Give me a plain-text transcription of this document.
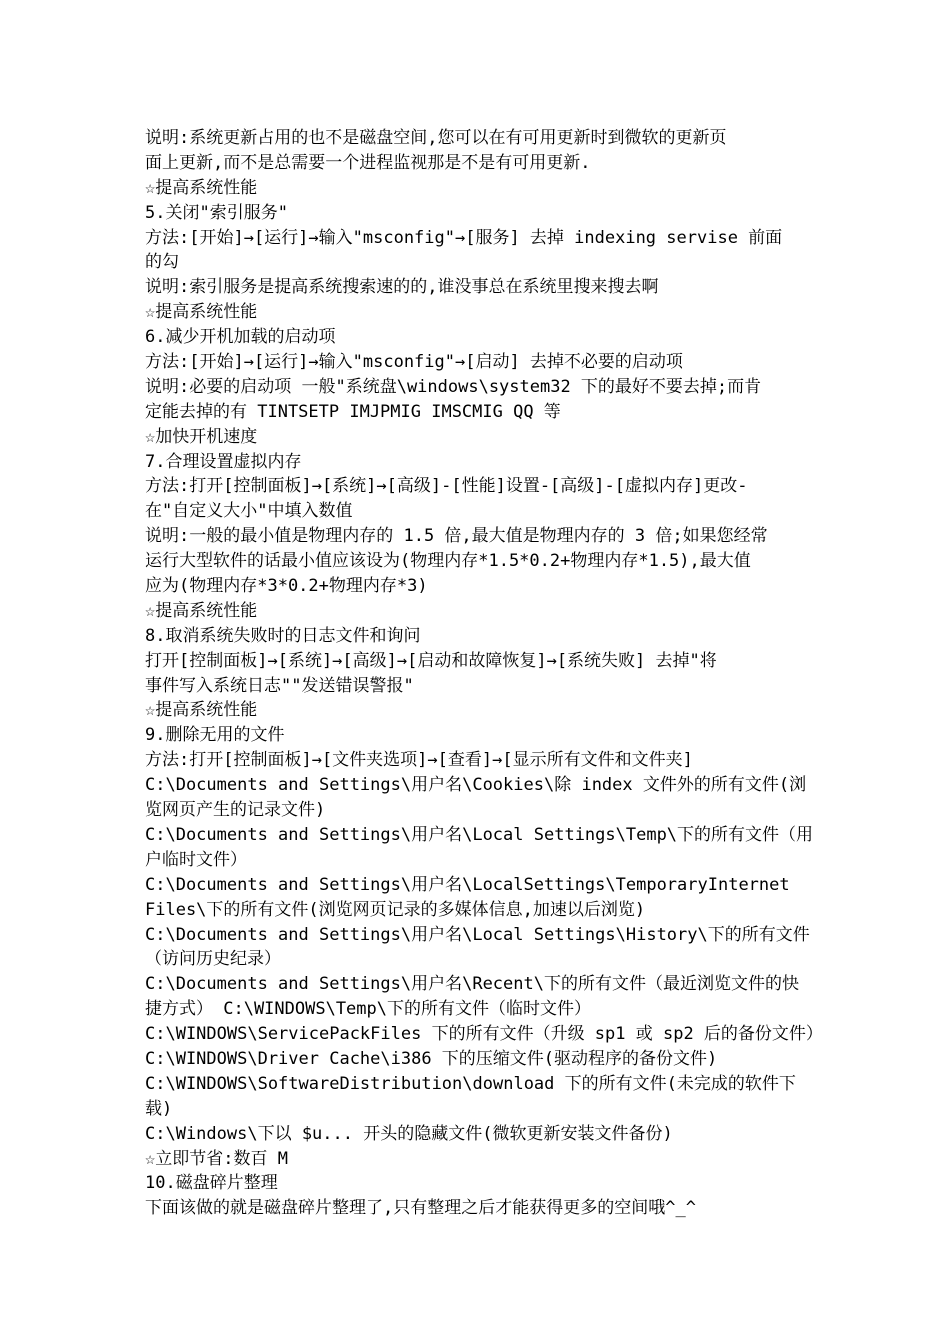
说明:系统更新占用的也不是磁盘空间,您可以在有可用更新时到微软的更新页
面上更新,而不是总需要一个进程监视那是不是有可用更新.
☆提高系统性能
5.关闭"索引服务"
方法:[开始]→[运行]→输入"msconfig"→[服务] 去掉 indexing servise 前面
的勾
说明:索引服务是提高系统搜索速的的,谁没事总在系统里搜来搜去啊
☆提高系统性能
6.减少开机加载的启动项
方法:[开始]→[运行]→输入"msconfig"→[启动] 去掉不必要的启动项
说明:必要的启动项 一般"系统盘\windows\system32 下的最好不要去掉;而肯
定能去掉的有 TINTSETP IMJPMIG IMSCMIG QQ 等
☆加快开机速度
7.合理设置虚拟内存
方法:打开[控制面板]→[系统]→[高级]-[性能]设置-[高级]-[虚拟内存]更改-
在"自定义大小"中填入数值
说明:一般的最小值是物理内存的 1.5 倍,最大值是物理内存的 3 倍;如果您经常
运行大型软件的话最小值应该设为(物理内存*1.5*0.2+物理内存*1.5),最大值
应为(物理内存*3*0.2+物理内存*3)
☆提高系统性能
8.取消系统失败时的日志文件和询问
打开[控制面板]→[系统]→[高级]→[启动和故障恢复]→[系统失败] 去掉"将
事件写入系统日志""发送错误警报"
☆提高系统性能
9.删除无用的文件
方法:打开[控制面板]→[文件夹选项]→[查看]→[显示所有文件和文件夹]
C:\Documents and Settings\用户名\Cookies\除 index 文件外的所有文件(浏
览网页产生的记录文件)
C:\Documents and Settings\用户名\Local Settings\Temp\下的所有文件（用
户临时文件）
C:\Documents and Settings\用户名\LocalSettings\TemporaryInternet
Files\下的所有文件(浏览网页记录的多媒体信息,加速以后浏览)
C:\Documents and Settings\用户名\Local Settings\History\下的所有文件
（访问历史纪录）
C:\Documents and Settings\用户名\Recent\下的所有文件（最近浏览文件的快
捷方式） C:\WINDOWS\Temp\下的所有文件（临时文件）
C:\WINDOWS\ServicePackFiles 下的所有文件（升级 sp1 或 sp2 后的备份文件）
C:\WINDOWS\Driver Cache\i386 下的压缩文件(驱动程序的备份文件)
C:\WINDOWS\SoftwareDistribution\download 下的所有文件(未完成的软件下
载)
C:\Windows\下以 $u... 开头的隐藏文件(微软更新安装文件备份)
☆立即节省:数百 M
10.磁盘碎片整理
下面该做的就是磁盘碎片整理了,只有整理之后才能获得更多的空间哦^_^
